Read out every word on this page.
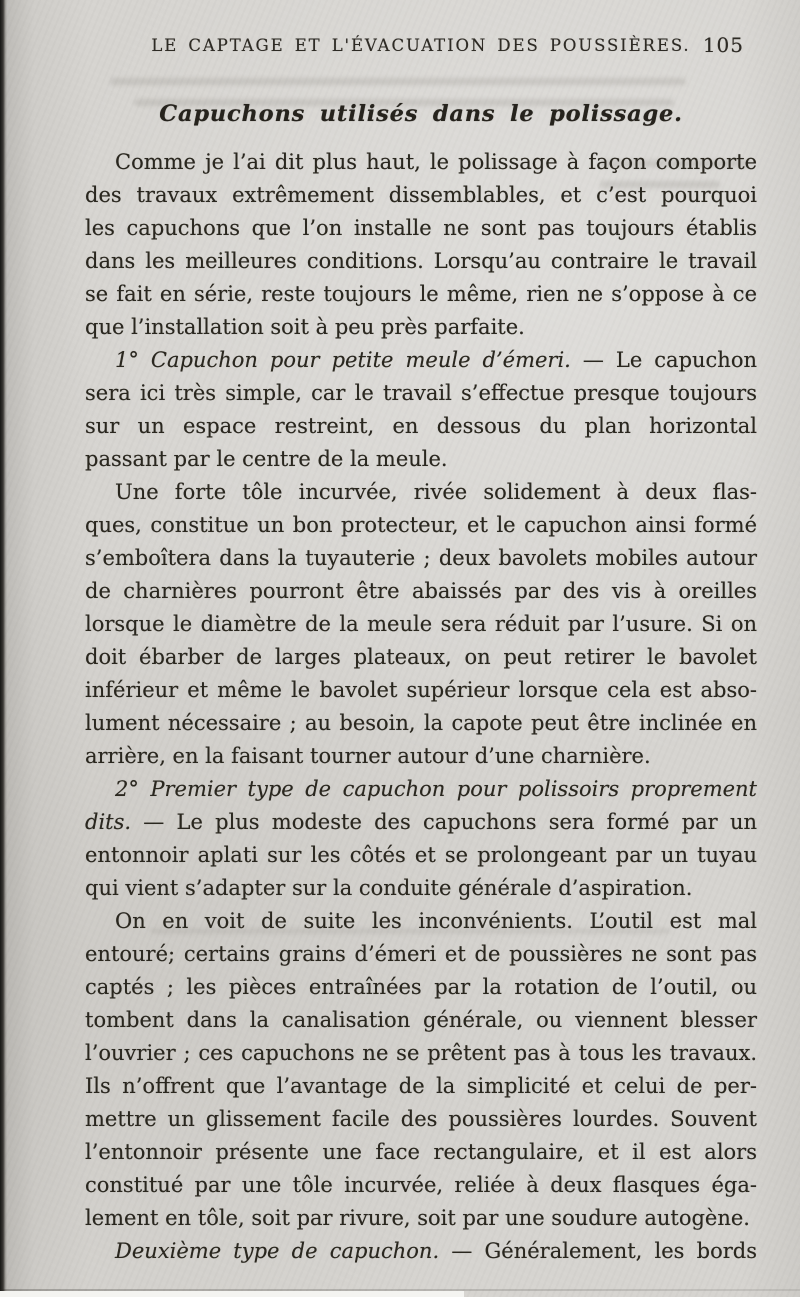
LE CAPTAGE ET L'ÉVACUATION DES POUSSIÈRES. 105
Capuchons utilisés dans le polissage.
Comme je l’ai dit plus haut, le polissage à façon comporte
des travaux extrêmement dissemblables, et c’est pourquoi
les capuchons que l’on installe ne sont pas toujours établis
dans les meilleures conditions. Lorsqu’au contraire le travail
se fait en série, reste toujours le même, rien ne s’oppose à ce
que l’installation soit à peu près parfaite.
1° Capuchon pour petite meule d’émeri. — Le capuchon
sera ici très simple, car le travail s’effectue presque toujours
sur un espace restreint, en dessous du plan horizontal
passant par le centre de la meule.
Une forte tôle incurvée, rivée solidement à deux flas-
ques, constitue un bon protecteur, et le capuchon ainsi formé
s’emboîtera dans la tuyauterie ; deux bavolets mobiles autour
de charnières pourront être abaissés par des vis à oreilles
lorsque le diamètre de la meule sera réduit par l’usure. Si on
doit ébarber de larges plateaux, on peut retirer le bavolet
inférieur et même le bavolet supérieur lorsque cela est abso-
lument nécessaire ; au besoin, la capote peut être inclinée en
arrière, en la faisant tourner autour d’une charnière.
2° Premier type de capuchon pour polissoirs proprement
dits. — Le plus modeste des capuchons sera formé par un
entonnoir aplati sur les côtés et se prolongeant par un tuyau
qui vient s’adapter sur la conduite générale d’aspiration.
On en voit de suite les inconvénients. L’outil est mal
entouré; certains grains d’émeri et de poussières ne sont pas
captés ; les pièces entraînées par la rotation de l’outil, ou
tombent dans la canalisation générale, ou viennent blesser
l’ouvrier ; ces capuchons ne se prêtent pas à tous les travaux.
Ils n’offrent que l’avantage de la simplicité et celui de per-
mettre un glissement facile des poussières lourdes. Souvent
l’entonnoir présente une face rectangulaire, et il est alors
constitué par une tôle incurvée, reliée à deux flasques éga-
lement en tôle, soit par rivure, soit par une soudure autogène.
Deuxième type de capuchon. — Généralement, les bords
